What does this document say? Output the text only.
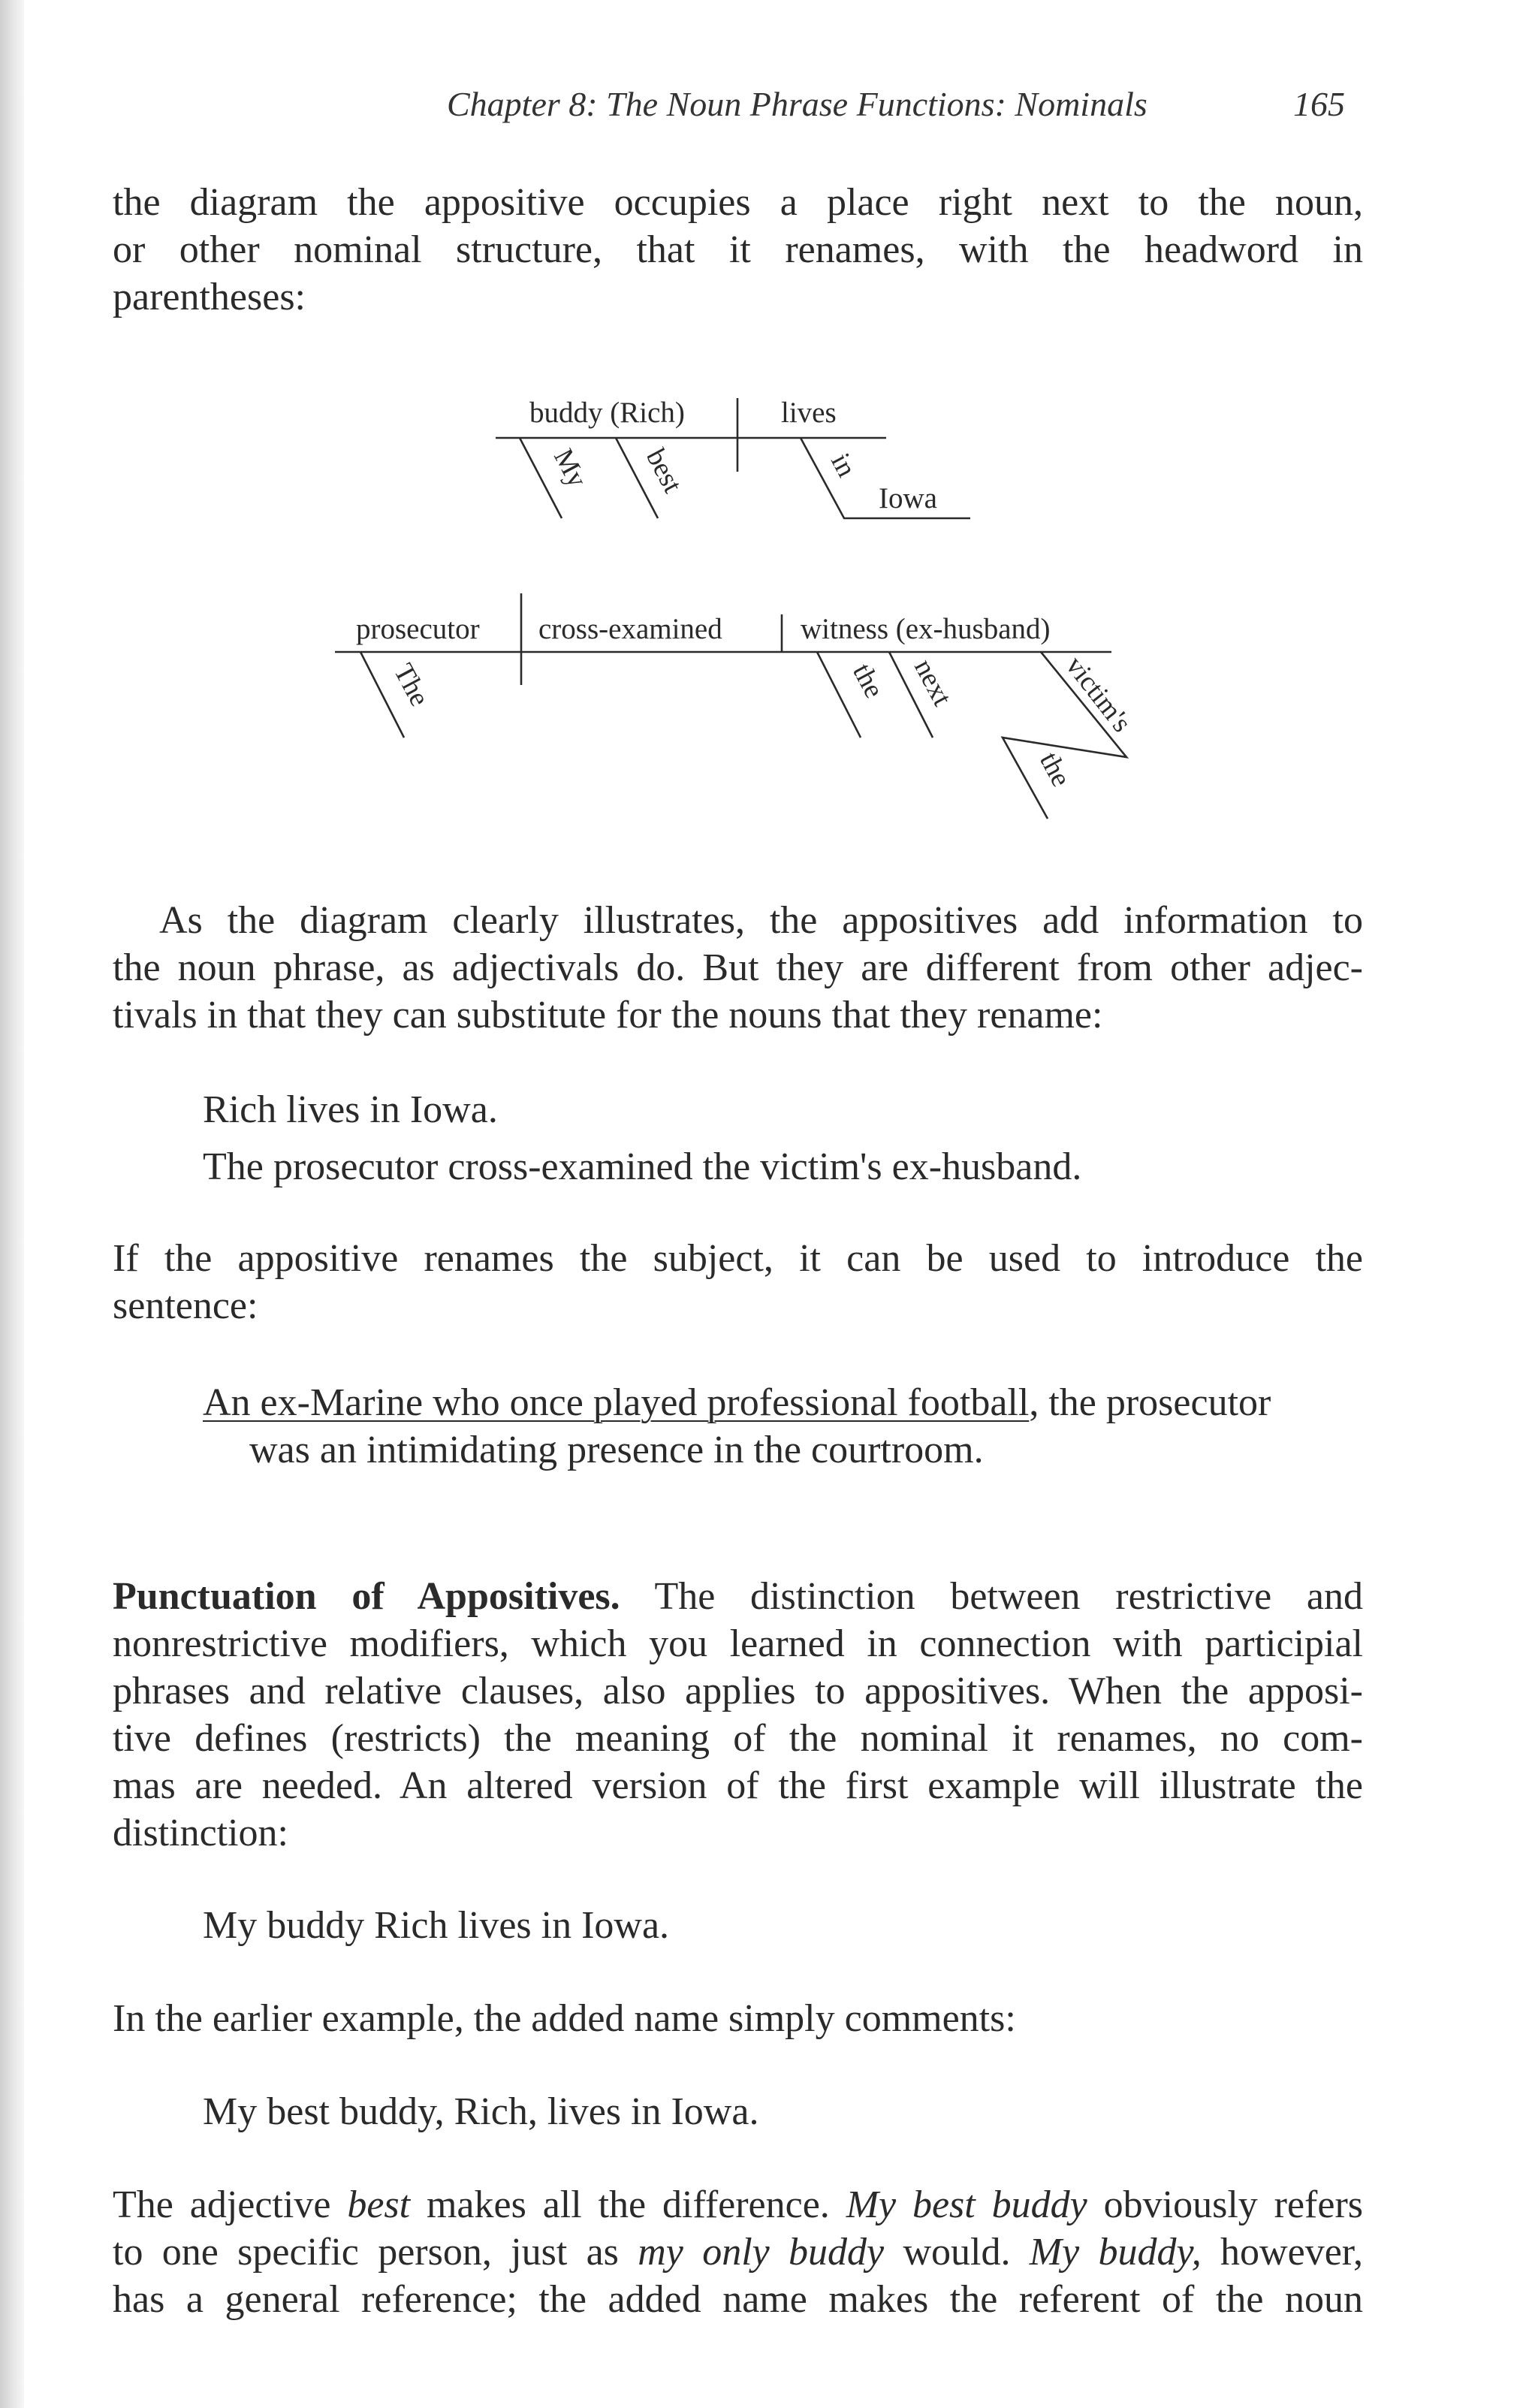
Chapter 8: The Noun Phrase Functions: Nominals	165

the diagram the appositive occupies a place right next to the noun,
or other nominal structure, that it renames, with the headword in
parentheses:

buddy (Rich)	lives
My best	in
Iowa
prosecutor cross-examined	witness (ex-husband)
The	the next	victim's
the

As the diagram clearly illustrates, the appositives add information to
the noun phrase, as adjectivals do. But they are different from other adjec-
tivals in that they can substitute for the nouns that they rename:

Rich lives in Iowa.
The prosecutor cross-examined the victim's ex-husband.

If the appositive renames the subject, it can be used to introduce the
sentence:

An ex-Marine who once played professional football, the prosecutor
was an intimidating presence in the courtroom.

Punctuation of Appositives. The distinction between restrictive and
nonrestrictive modifiers, which you learned in connection with participial
phrases and relative clauses, also applies to appositives. When the apposi-
tive defines (restricts) the meaning of the nominal it renames, no com-
mas are needed. An altered version of the first example will illustrate the
distinction:

My buddy Rich lives in Iowa.

In the earlier example, the added name simply comments:

My best buddy, Rich, lives in Iowa.

The adjective best makes all the difference. My best buddy obviously refers
to one specific person, just as my only buddy would. My buddy, however,
has a general reference; the added name makes the referent of the noun
